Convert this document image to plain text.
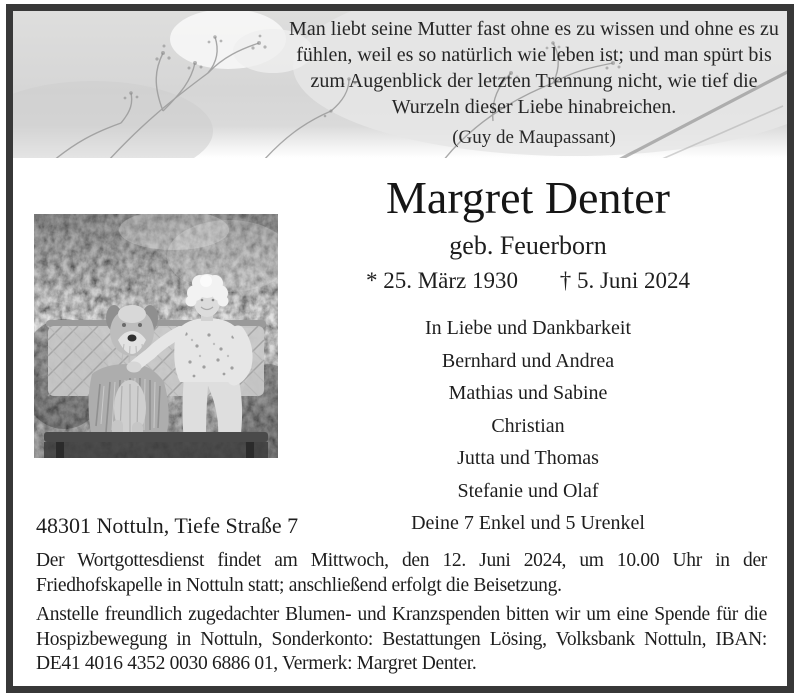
Man liebt seine Mutter fast ohne es zu wissen und ohne es zu
fühlen, weil es so natürlich wie leben ist; und man spürt bis
zum Augenblick der letzten Trennung nicht, wie tief die
Wurzeln dieser Liebe hinabreichen.
(Guy de Maupassant)
Margret Denter
geb. Feuerborn
* 25. März 1930 † 5. Juni 2024
In Liebe und Dankbarkeit
Bernhard und Andrea
Mathias und Sabine
Christian
Jutta und Thomas
Stefanie und Olaf
Deine 7 Enkel und 5 Urenkel
48301 Nottuln, Tiefe Straße 7

Der Wortgottesdienst findet am Mittwoch, den 12. Juni 2024, um 10.00 Uhr in der Friedhofskapelle in Nottuln statt; anschließend erfolgt die Beisetzung.

Anstelle freundlich zugedachter Blumen- und Kranzspenden bitten wir um eine Spende für die Hospizbewegung in Nottuln, Sonderkonto: Bestattungen Lösing, Volksbank Nottuln, IBAN: DE41 4016 4352 0030 6886 01, Vermerk: Margret Denter.
